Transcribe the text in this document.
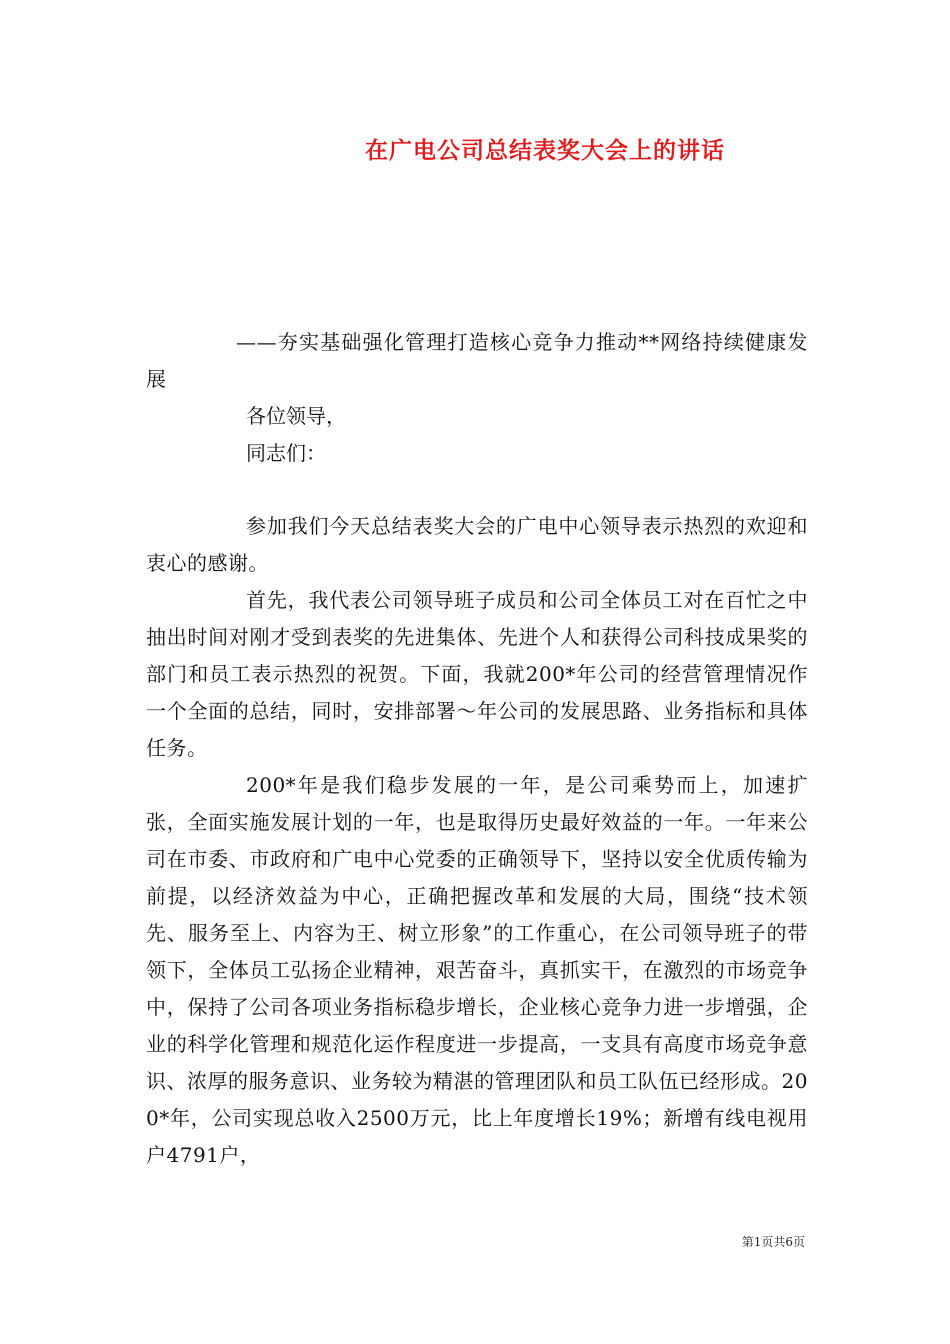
在广电公司总结表奖大会上的讲话
——夯实基础强化管理打造核心竞争力推动**网络持续健康发展
各位领导，
同志们：

参加我们今天总结表奖大会的广电中心领导表示热烈的欢迎和衷心的感谢。

首先，我代表公司领导班子成员和公司全体员工对在百忙之中抽出时间对刚才受到表奖的先进集体、先进个人和获得公司科技成果奖的部门和员工表示热烈的祝贺。下面，我就200*年公司的经营管理情况作一个全面的总结，同时，安排部署～年公司的发展思路、业务指标和具体任务。

200*年是我们稳步发展的一年，是公司乘势而上，加速扩张，全面实施发展计划的一年，也是取得历史最好效益的一年。一年来公司在市委、市政府和广电中心党委的正确领导下，坚持以安全优质传输为前提，以经济效益为中心，正确把握改革和发展的大局，围绕“技术领先、服务至上、内容为王、树立形象”的工作重心，在公司领导班子的带领下，全体员工弘扬企业精神，艰苦奋斗，真抓实干，在激烈的市场竞争中，保持了公司各项业务指标稳步增长，企业核心竞争力进一步增强，企业的科学化管理和规范化运作程度进一步提高，一支具有高度市场竞争意识、浓厚的服务意识、业务较为精湛的管理团队和员工队伍已经形成。200*年，公司实现总收入2500万元，比上年度增长19%；新增有线电视用户4791户，

第1页共6页
